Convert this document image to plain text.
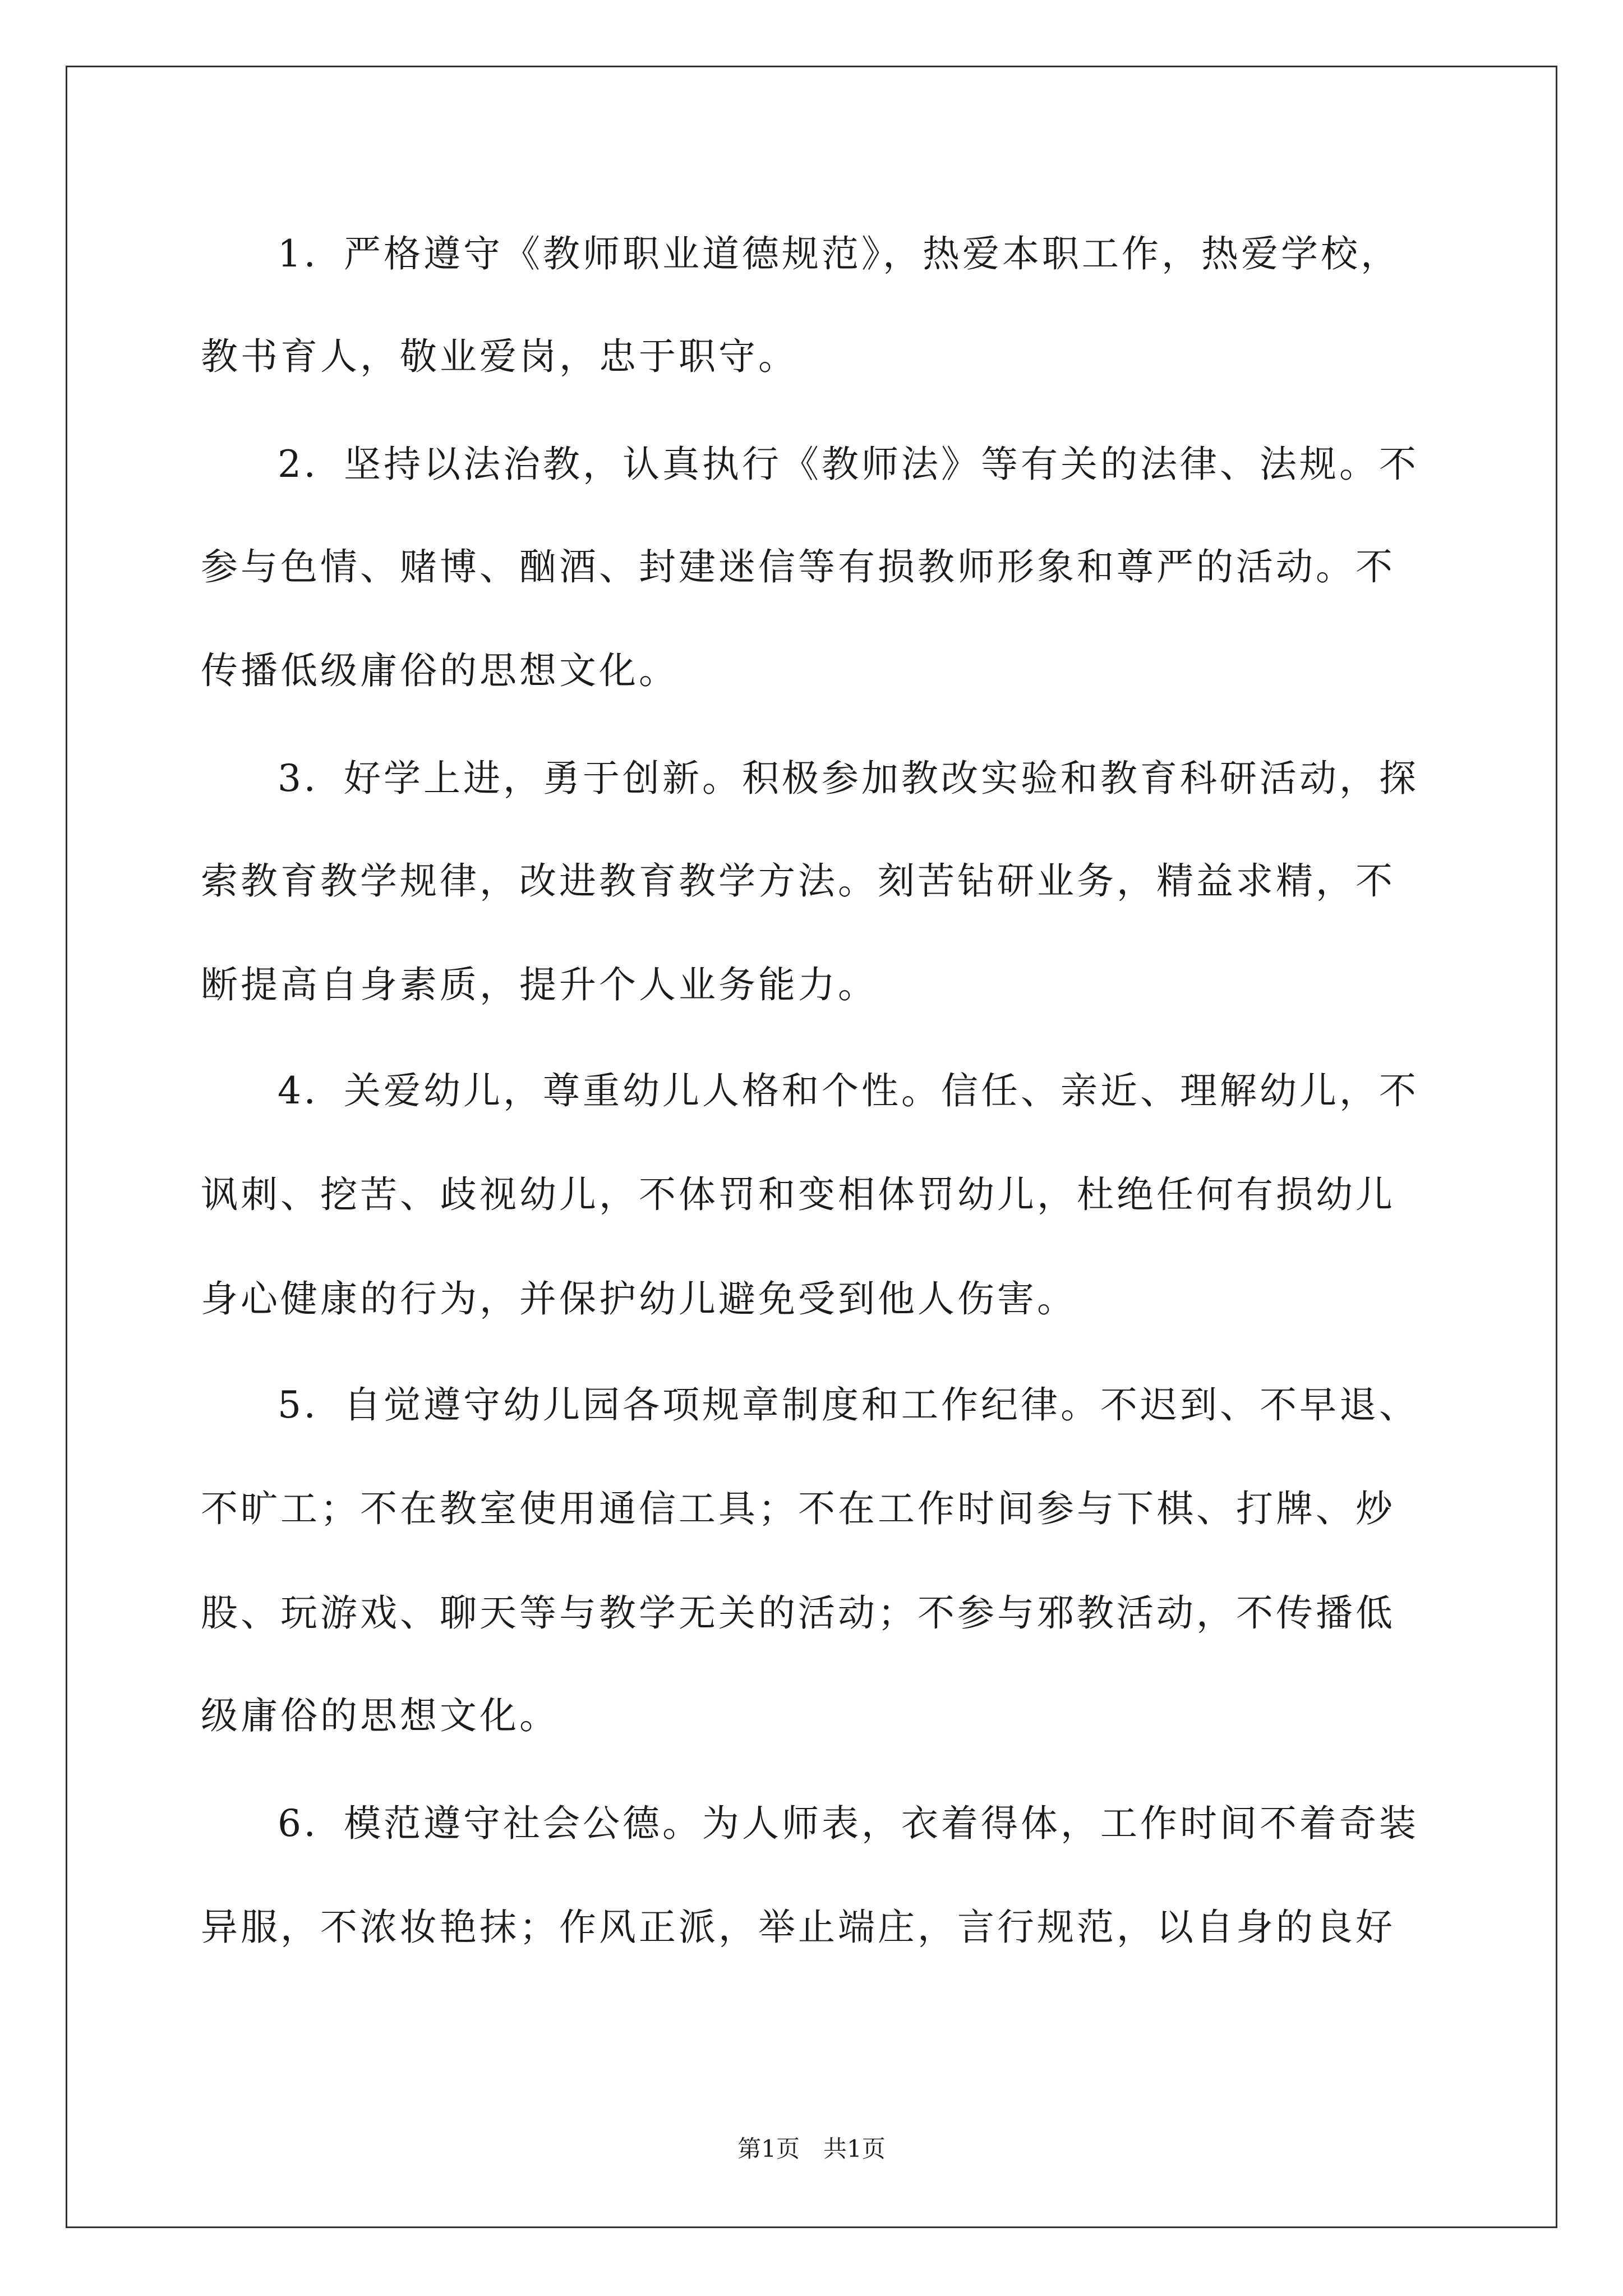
1．严格遵守《教师职业道德规范》，热爱本职工作，热爱学校，
教书育人，敬业爱岗，忠于职守。
2．坚持以法治教，认真执行《教师法》等有关的法律、法规。不
参与色情、赌博、酗酒、封建迷信等有损教师形象和尊严的活动。不
传播低级庸俗的思想文化。
3．好学上进，勇于创新。积极参加教改实验和教育科研活动，探
索教育教学规律，改进教育教学方法。刻苦钻研业务，精益求精，不
断提高自身素质，提升个人业务能力。
4．关爱幼儿，尊重幼儿人格和个性。信任、亲近、理解幼儿，不
讽刺、挖苦、歧视幼儿，不体罚和变相体罚幼儿，杜绝任何有损幼儿
身心健康的行为，并保护幼儿避免受到他人伤害。
5．自觉遵守幼儿园各项规章制度和工作纪律。不迟到、不早退、
不旷工；不在教室使用通信工具；不在工作时间参与下棋、打牌、炒
股、玩游戏、聊天等与教学无关的活动；不参与邪教活动，不传播低
级庸俗的思想文化。
6．模范遵守社会公德。为人师表，衣着得体，工作时间不着奇装
异服，不浓妆艳抹；作风正派，举止端庄，言行规范，以自身的良好
第1页　共1页
